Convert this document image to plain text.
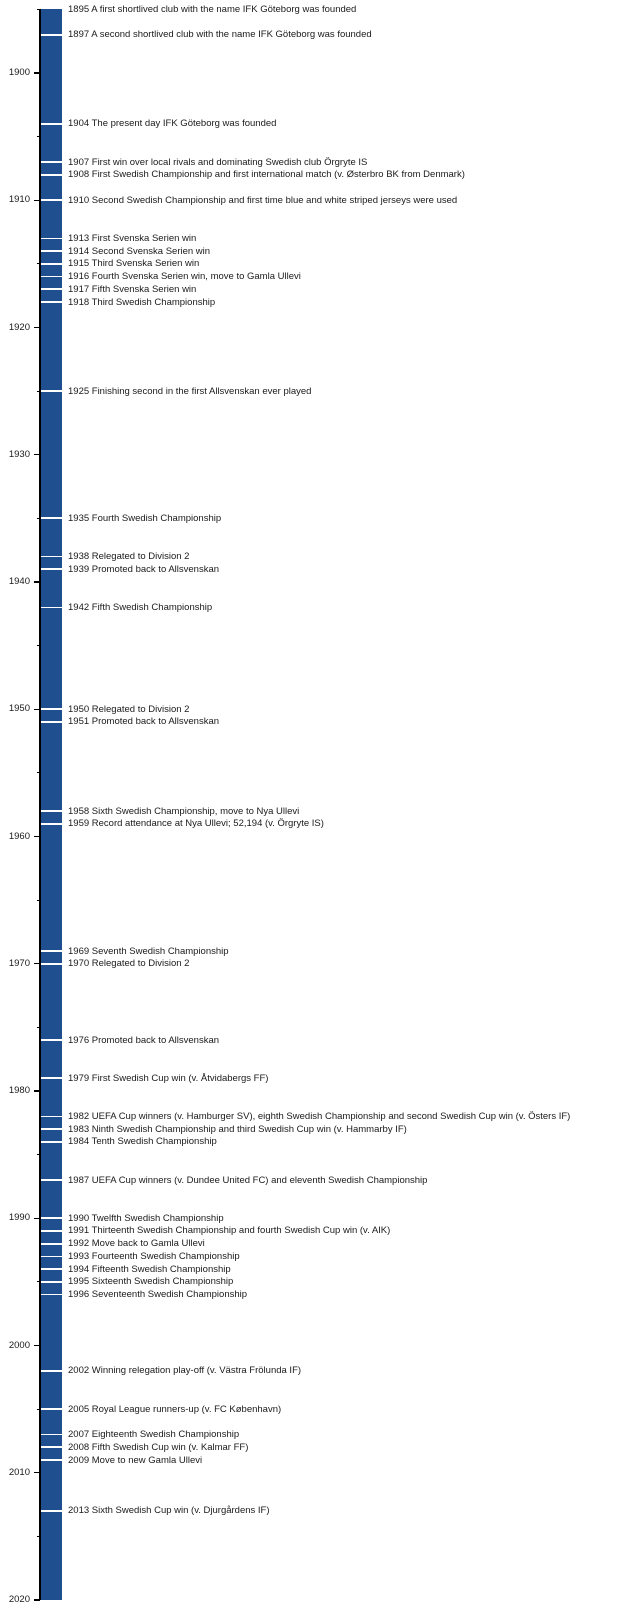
1900
1910
1920
1930
1940
1950
1960
1970
1980
1990
2000
2010
2020
1895 A first shortlived club with the name IFK Göteborg was founded
1897 A second shortlived club with the name IFK Göteborg was founded
1904 The present day IFK Göteborg was founded
1907 First win over local rivals and dominating Swedish club Örgryte IS
1908 First Swedish Championship and first international match (v. Østerbro BK from Denmark)
1910 Second Swedish Championship and first time blue and white striped jerseys were used
1913 First Svenska Serien win
1914 Second Svenska Serien win
1915 Third Svenska Serien win
1916 Fourth Svenska Serien win, move to Gamla Ullevi
1917 Fifth Svenska Serien win
1918 Third Swedish Championship
1925 Finishing second in the first Allsvenskan ever played
1935 Fourth Swedish Championship
1938 Relegated to Division 2
1939 Promoted back to Allsvenskan
1942 Fifth Swedish Championship
1950 Relegated to Division 2
1951 Promoted back to Allsvenskan
1958 Sixth Swedish Championship, move to Nya Ullevi
1959 Record attendance at Nya Ullevi; 52,194 (v. Örgryte IS)
1969 Seventh Swedish Championship
1970 Relegated to Division 2
1976 Promoted back to Allsvenskan
1979 First Swedish Cup win (v. Åtvidabergs FF)
1982 UEFA Cup winners (v. Hamburger SV), eighth Swedish Championship and second Swedish Cup win (v. Östers IF)
1983 Ninth Swedish Championship and third Swedish Cup win (v. Hammarby IF)
1984 Tenth Swedish Championship
1987 UEFA Cup winners (v. Dundee United FC) and eleventh Swedish Championship
1990 Twelfth Swedish Championship
1991 Thirteenth Swedish Championship and fourth Swedish Cup win (v. AIK)
1992 Move back to Gamla Ullevi
1993 Fourteenth Swedish Championship
1994 Fifteenth Swedish Championship
1995 Sixteenth Swedish Championship
1996 Seventeenth Swedish Championship
2002 Winning relegation play-off (v. Västra Frölunda IF)
2005 Royal League runners-up (v. FC København)
2007 Eighteenth Swedish Championship
2008 Fifth Swedish Cup win (v. Kalmar FF)
2009 Move to new Gamla Ullevi
2013 Sixth Swedish Cup win (v. Djurgårdens IF)
